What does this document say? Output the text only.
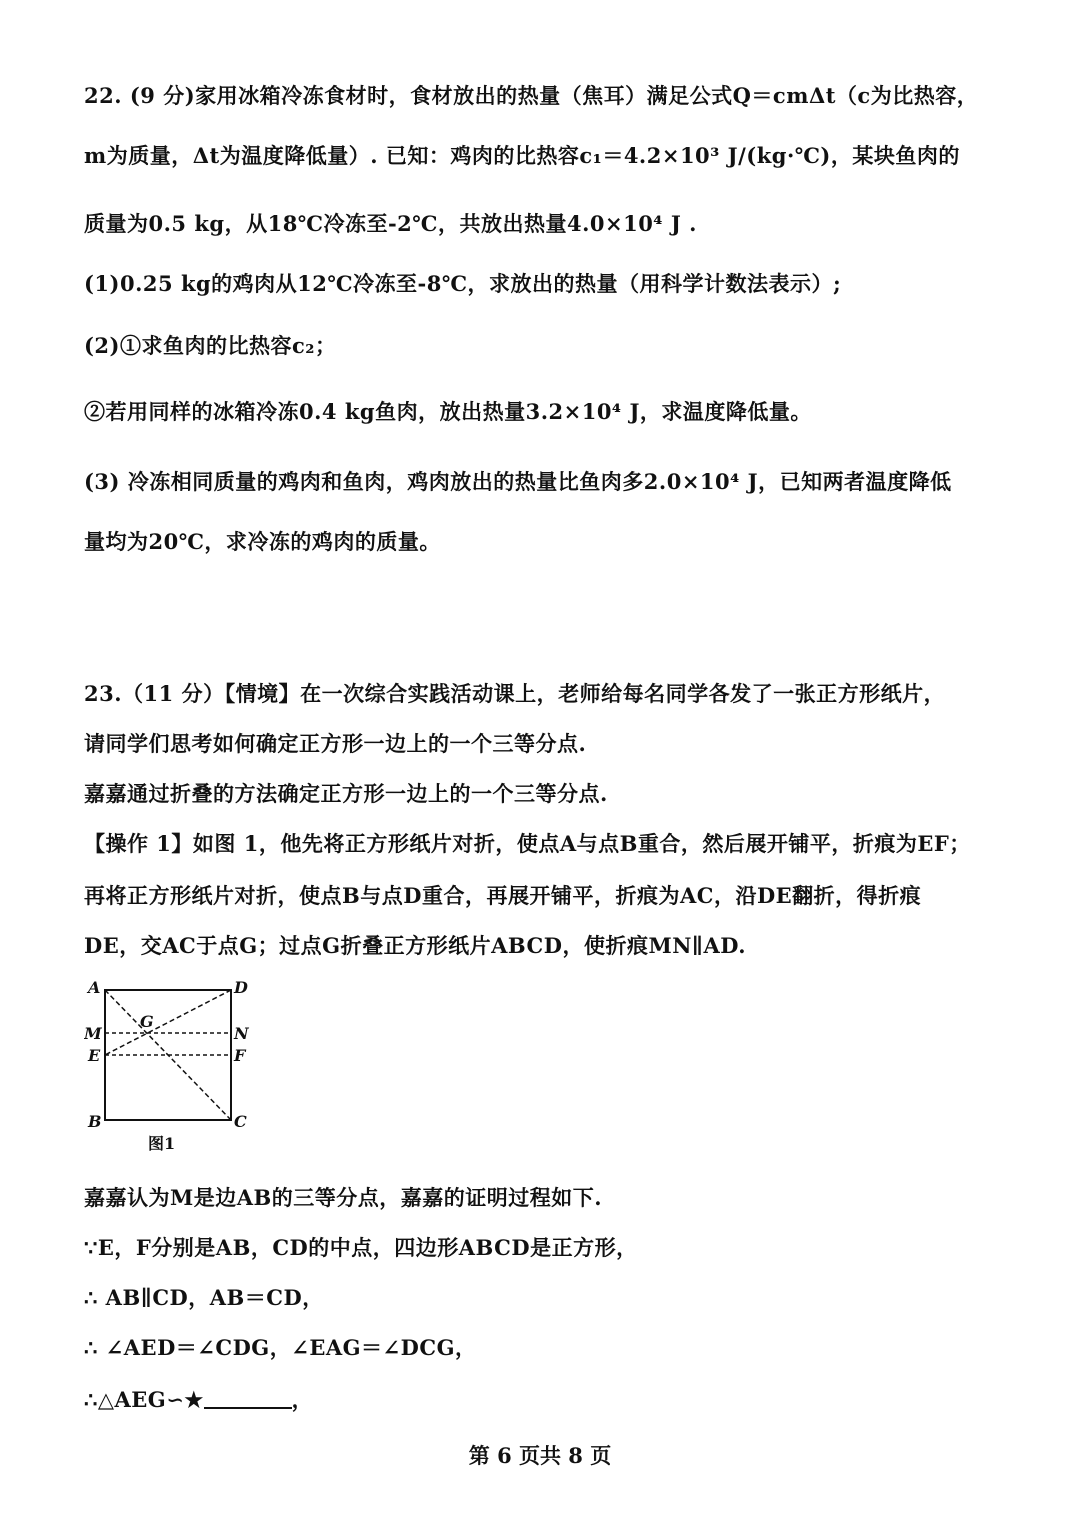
22. (9 分)家用冰箱冷冻食材时，食材放出的热量（焦耳）满足公式Q＝cmΔt（c为比热容，
m为质量，Δt为温度降低量）. 已知：鸡肉的比热容c₁＝4.2×10³ J/(kg·℃)，某块鱼肉的
质量为0.5 kg，从18℃冷冻至-2℃，共放出热量4.0×10⁴ J .
(1)0.25 kg的鸡肉从12℃冷冻至-8℃，求放出的热量（用科学计数法表示）;
(2)①求鱼肉的比热容c₂；
②若用同样的冰箱冷冻0.4 kg鱼肉，放出热量3.2×10⁴ J，求温度降低量。
(3) 冷冻相同质量的鸡肉和鱼肉，鸡肉放出的热量比鱼肉多2.0×10⁴ J，已知两者温度降低
量均为20℃，求冷冻的鸡肉的质量。
23.（11 分）【情境】在一次综合实践活动课上，老师给每名同学各发了一张正方形纸片，
请同学们思考如何确定正方形一边上的一个三等分点.
嘉嘉通过折叠的方法确定正方形一边上的一个三等分点.
【操作 1】如图 1，他先将正方形纸片对折，使点A与点B重合，然后展开铺平，折痕为EF；
再将正方形纸片对折，使点B与点D重合，再展开铺平，折痕为AC，沿DE翻折，得折痕
DE，交AC于点G；过点G折叠正方形纸片ABCD，使折痕MN∥AD.
A	D
M
G
N
E	F
B	C
图1
嘉嘉认为M是边AB的三等分点，嘉嘉的证明过程如下.
∵E，F分别是AB，CD的中点，四边形ABCD是正方形，
∴ AB∥CD，AB＝CD，
∴ ∠AED＝∠CDG，∠EAG＝∠DCG，
∴△AEG∽★	，
第 6 页共 8 页
